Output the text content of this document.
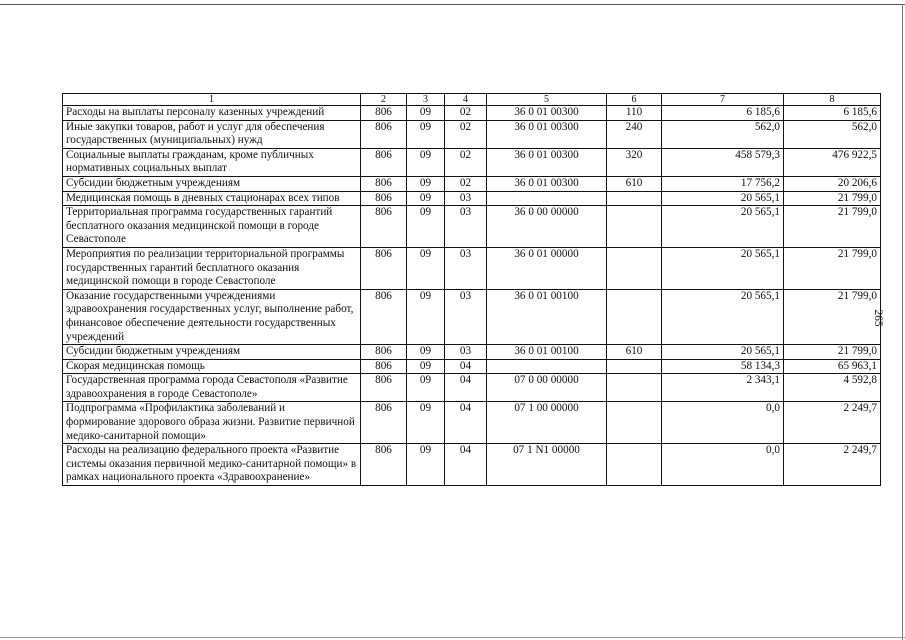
1	2	3	4	5	6	7	8
Расходы на выплаты персоналу казенных учреждений	806	09	02	36 0 01 00300	110	6 185,6	6 185,6
Иные закупки товаров, работ и услуг для обеспечения государственных (муниципальных) нужд	806	09	02	36 0 01 00300	240	562,0	562,0
Социальные выплаты гражданам, кроме публичных нормативных социальных выплат	806	09	02	36 0 01 00300	320	458 579,3	476 922,5
Субсидии бюджетным учреждениям	806	09	02	36 0 01 00300	610	17 756,2	20 206,6
Медицинская помощь в дневных стационарах всех типов	806	09	03			20 565,1	21 799,0
Территориальная программа государственных гарантий бесплатного оказания медицинской помощи в городе Севастополе	806	09	03	36 0 00 00000		20 565,1	21 799,0
Мероприятия по реализации территориальной программы государственных гарантий бесплатного оказания медицинской помощи в городе Севастополе	806	09	03	36 0 01 00000		20 565,1	21 799,0
Оказание государственными учреждениями здравоохранения государственных услуг, выполнение работ, финансовое обеспечение деятельности государственных учреждений	806	09	03	36 0 01 00100		20 565,1	21 799,0
Субсидии бюджетным учреждениям	806	09	03	36 0 01 00100	610	20 565,1	21 799,0
Скорая медицинская помощь	806	09	04			58 134,3	65 963,1
Государственная программа города Севастополя «Развитие здравоохранения в городе Севастополе»	806	09	04	07 0 00 00000		2 343,1	4 592,8
Подпрограмма «Профилактика заболеваний и формирование здорового образа жизни. Развитие первичной медико-санитарной помощи»	806	09	04	07 1 00 00000		0,0	2 249,7
Расходы на реализацию федерального проекта «Развитие системы оказания первичной медико-санитарной помощи» в рамках национального проекта «Здравоохранение»	806	09	04	07 1 N1 00000		0,0	2 249,7
265
